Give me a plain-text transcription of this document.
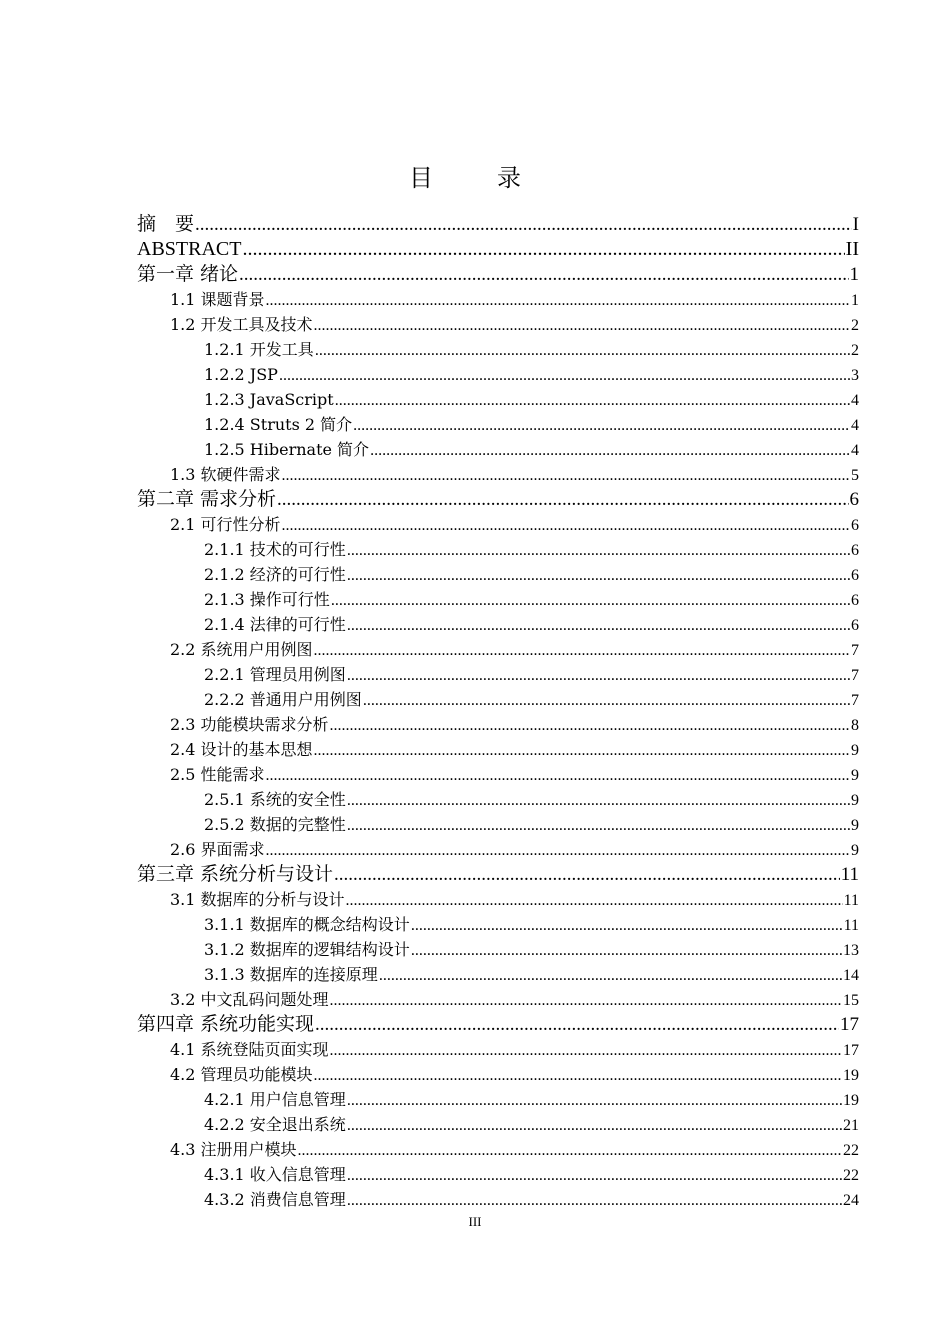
目　录
摘　要 .....	I
ABSTRACT .....	II
第一章 绪论 .....	1
1.1 课题背景 .....	1
1.2 开发工具及技术 .....	2
1.2.1 开发工具 .....	2
1.2.2 JSP .....	3
1.2.3 JavaScript .....	4
1.2.4 Struts 2 简介 .....	4
1.2.5 Hibernate 简介 .....	4
1.3 软硬件需求 .....	5
第二章 需求分析 .....	6
2.1 可行性分析 .....	6
2.1.1 技术的可行性 .....	6
2.1.2 经济的可行性 .....	6
2.1.3 操作可行性 .....	6
2.1.4 法律的可行性 .....	6
2.2 系统用户用例图 .....	7
2.2.1 管理员用例图 .....	7
2.2.2 普通用户用例图 .....	7
2.3 功能模块需求分析 .....	8
2.4 设计的基本思想 .....	9
2.5 性能需求 .....	9
2.5.1 系统的安全性 .....	9
2.5.2 数据的完整性 .....	9
2.6 界面需求 .....	9
第三章 系统分析与设计 .....	11
3.1 数据库的分析与设计 .....	11
3.1.1 数据库的概念结构设计 .....	11
3.1.2 数据库的逻辑结构设计 .....	13
3.1.3 数据库的连接原理 .....	14
3.2 中文乱码问题处理 .....	15
第四章 系统功能实现 .....	17
4.1 系统登陆页面实现 .....	17
4.2 管理员功能模块 .....	19
4.2.1 用户信息管理 .....	19
4.2.2 安全退出系统 .....	21
4.3 注册用户模块 .....	22
4.3.1 收入信息管理 .....	22
4.3.2 消费信息管理 .....	24
III
